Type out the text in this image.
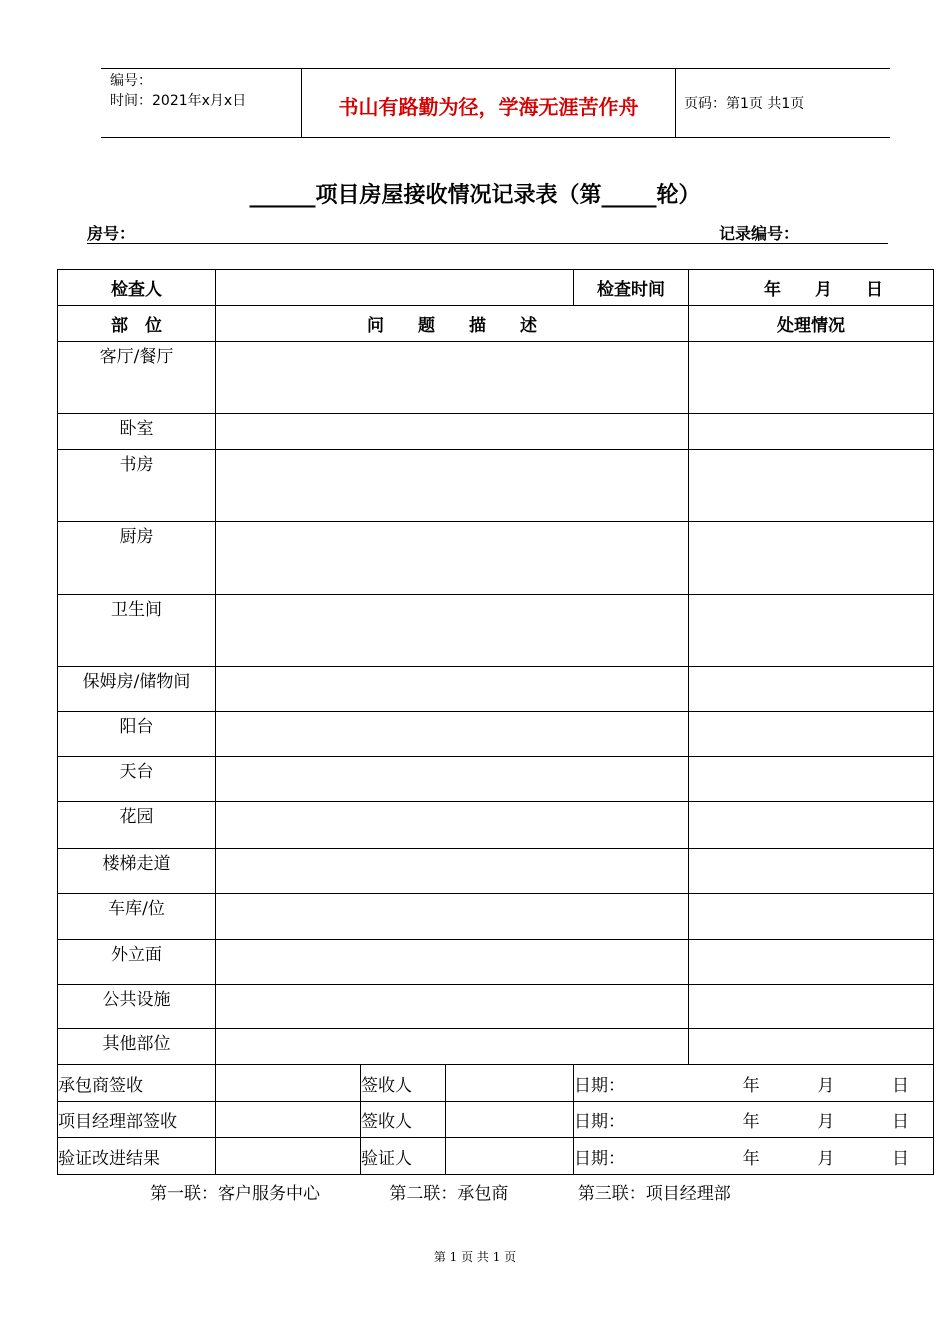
编号：
时间：2021年x月x日	书山有路勤为径，学海无涯苦作舟	页码：第1页 共1页
______项目房屋接收情况记录表（第_____轮）
房号：	记录编号：
检查人				检查时间	年 月 日

部　位	问　　题　　描　　述				处理情况
客厅/餐厅					
卧室					
书房					
厨房					
卫生间					
保姆房/储物间					
阳台					
天台					
花园					
楼梯走道					
车库/位					
外立面					
公共设施					
其他部位					
承包商签收		签收人		日期： 年 月 日	

项目经理部签收		签收人		日期： 年 月 日	

验证改进结果		验证人		日期： 年 月 日	
第一联：客户服务中心	第二联：承包商	第三联：项目经理部
第 1 页 共 1 页
